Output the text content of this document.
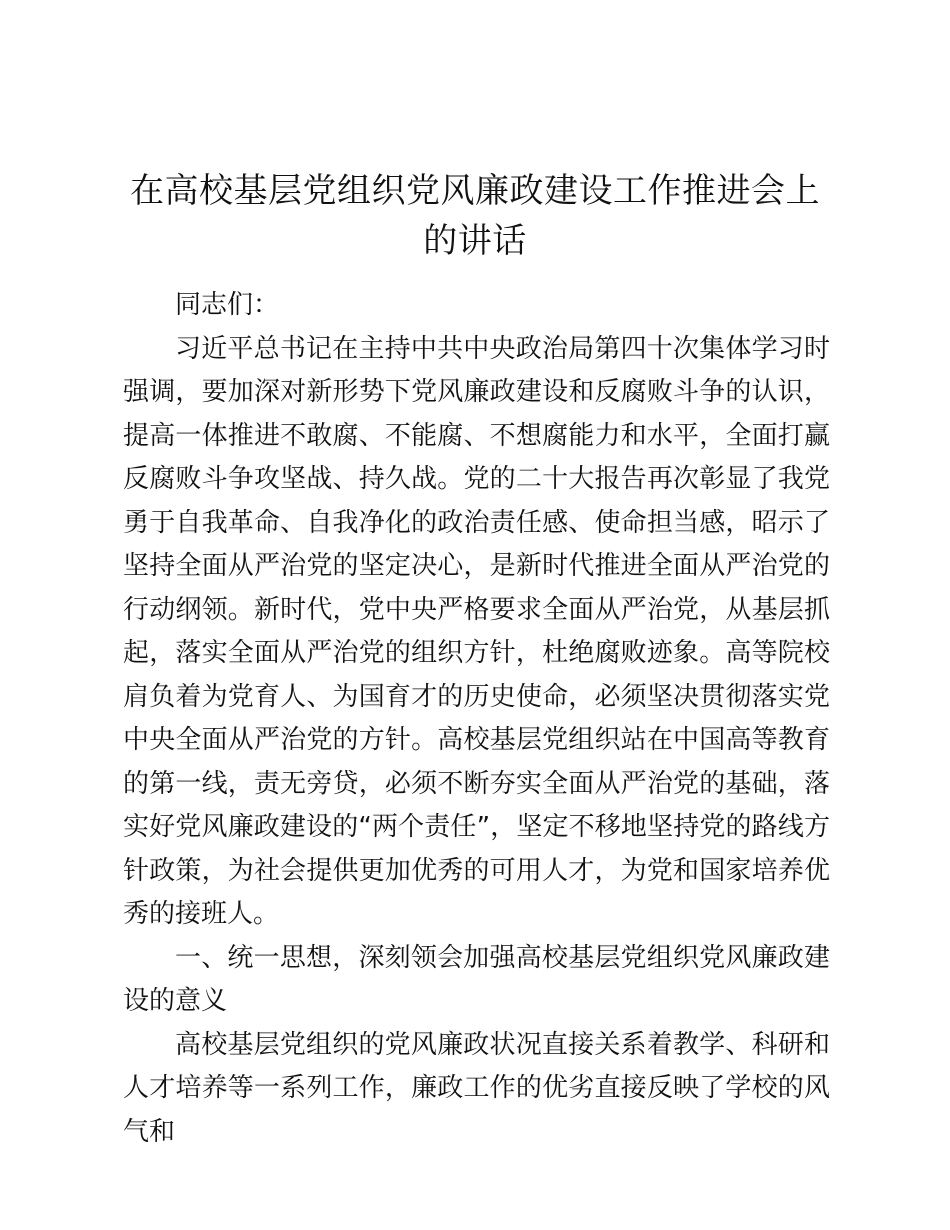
在高校基层党组织党风廉政建设工作推进会上的讲话

同志们：

习近平总书记在主持中共中央政治局第四十次集体学习时强调，要加深对新形势下党风廉政建设和反腐败斗争的认识，提高一体推进不敢腐、不能腐、不想腐能力和水平，全面打赢反腐败斗争攻坚战、持久战。党的二十大报告再次彰显了我党勇于自我革命、自我净化的政治责任感、使命担当感，昭示了坚持全面从严治党的坚定决心，是新时代推进全面从严治党的行动纲领。新时代，党中央严格要求全面从严治党，从基层抓起，落实全面从严治党的组织方针，杜绝腐败迹象。高等院校肩负着为党育人、为国育才的历史使命，必须坚决贯彻落实党中央全面从严治党的方针。高校基层党组织站在中国高等教育的第一线，责无旁贷，必须不断夯实全面从严治党的基础，落实好党风廉政建设的“两个责任”，坚定不移地坚持党的路线方针政策，为社会提供更加优秀的可用人才，为党和国家培养优秀的接班人。

一、统一思想，深刻领会加强高校基层党组织党风廉政建设的意义

高校基层党组织的党风廉政状况直接关系着教学、科研和人才培养等一系列工作，廉政工作的优劣直接反映了学校的风气和
